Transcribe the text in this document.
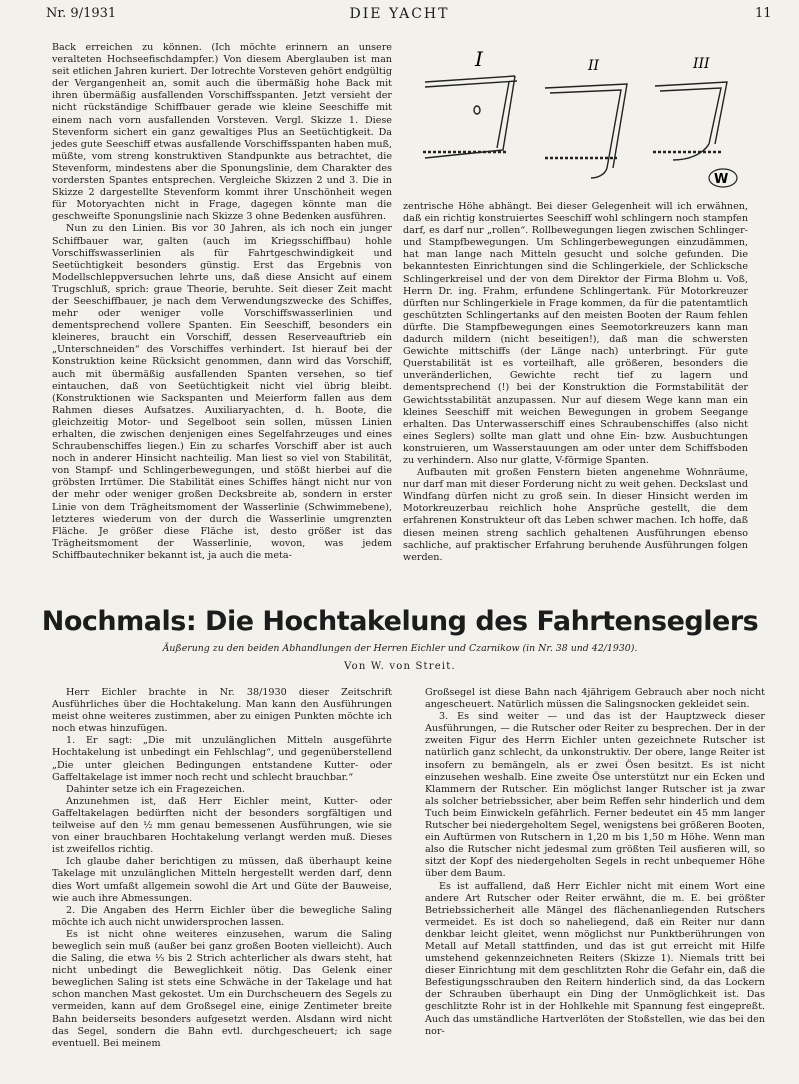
Nr. 9/1931	DIE YACHT	11

Back erreichen zu können. (Ich möchte erinnern an unsere veralteten Hochseefischdampfer.) Von diesem Aberglauben ist man seit etlichen Jahren kuriert. Der lotrechte Vorsteven gehört endgültig der Vergangenheit an, somit auch die übermäßig hohe Back mit ihren übermäßig ausfallenden Vorschiffsspanten. Jetzt versieht der nicht rückständige Schiffbauer gerade wie kleine Seeschiffe mit einem nach vorn ausfallenden Vorsteven. Vergl. Skizze 1. Diese Stevenform sichert ein ganz gewaltiges Plus an Seetüchtigkeit. Da jedes gute Seeschiff etwas ausfallende Vorschiffsspanten haben muß, müßte, vom streng konstruktiven Standpunkte aus betrachtet, die Stevenform, mindestens aber die Sponungslinie, dem Charakter des vordersten Spantes entsprechen. Vergleiche Skizzen 2 und 3. Die in Skizze 2 dargestellte Stevenform kommt ihrer Unschönheit wegen für Motoryachten nicht in Frage, dagegen könnte man die geschweifte Sponungslinie nach Skizze 3 ohne Bedenken ausführen.

Nun zu den Linien. Bis vor 30 Jahren, als ich noch ein junger Schiffbauer war, galten (auch im Kriegsschiffbau) hohle Vorschiffswasserlinien als für Fahrtgeschwindigkeit und Seetüchtigkeit besonders günstig. Erst das Ergebnis von Modellschleppversuchen lehrte uns, daß diese Ansicht auf einem Trugschluß, sprich: graue Theorie, beruhte. Seit dieser Zeit macht der Seeschiffbauer, je nach dem Verwendungszwecke des Schiffes, mehr oder weniger volle Vorschiffswasserlinien und dementsprechend vollere Spanten. Ein Seeschiff, besonders ein kleineres, braucht ein Vorschiff, dessen Reserveauftrieb ein „Unterschneiden“ des Vorschiffes verhindert. Ist hierauf bei der Konstruktion keine Rücksicht genommen, dann wird das Vorschiff, auch mit übermäßig ausfallenden Spanten versehen, so tief eintauchen, daß von Seetüchtigkeit nicht viel übrig bleibt. (Konstruktionen wie Sackspanten und Meierform fallen aus dem Rahmen dieses Aufsatzes. Auxiliaryachten, d. h. Boote, die gleichzeitig Motor- und Segelboot sein sollen, müssen Linien erhalten, die zwischen denjenigen eines Segelfahrzeuges und eines Schraubenschiffes liegen.) Ein zu scharfes Vorschiff aber ist auch noch in anderer Hinsicht nachteilig. Man liest so viel von Stabilität, von Stampf- und Schlingerbewegungen, und stößt hierbei auf die gröbsten Irrtümer. Die Stabilität eines Schiffes hängt nicht nur von der mehr oder weniger großen Decksbreite ab, sondern in erster Linie von dem Trägheitsmoment der Wasserlinie (Schwimmebene), letzteres wiederum von der durch die Wasserlinie umgrenzten Fläche. Je größer diese Fläche ist, desto größer ist das Trägheitsmoment der Wasserlinie, wovon, was jedem Schiffbautechniker bekannt ist, ja auch die meta-

I	II	III
W

zentrische Höhe abhängt. Bei dieser Gelegenheit will ich erwähnen, daß ein richtig konstruiertes Seeschiff wohl schlingern noch stampfen darf, es darf nur „rollen“. Rollbewegungen liegen zwischen Schlinger- und Stampfbewegungen. Um Schlingerbewegungen einzudämmen, hat man lange nach Mitteln gesucht und solche gefunden. Die bekanntesten Einrichtungen sind die Schlingerkiele, der Schlicksche Schlingerkreisel und der von dem Direktor der Firma Blohm u. Voß, Herrn Dr. ing. Frahm, erfundene Schlingertank. Für Motorkreuzer dürften nur Schlingerkiele in Frage kommen, da für die patentamtlich geschützten Schlingertanks auf den meisten Booten der Raum fehlen dürfte. Die Stampfbewegungen eines Seemotorkreuzers kann man dadurch mildern (nicht beseitigen!), daß man die schwersten Gewichte mittschiffs (der Länge nach) unterbringt. Für gute Querstabilität ist es vorteilhaft, alle größeren, besonders die unveränderlichen, Gewichte recht tief zu lagern und dementsprechend (!) bei der Konstruktion die Formstabilität der Gewichtsstabilität anzupassen. Nur auf diesem Wege kann man ein kleines Seeschiff mit weichen Bewegungen in grobem Seegange erhalten. Das Unterwasserschiff eines Schraubenschiffes (also nicht eines Seglers) sollte man glatt und ohne Ein- bzw. Ausbuchtungen konstruieren, um Wasserstauungen am oder unter dem Schiffsboden zu verhindern. Also nur glatte, V-förmige Spanten.

Aufbauten mit großen Fenstern bieten angenehme Wohnräume, nur darf man mit dieser Forderung nicht zu weit gehen. Deckslast und Windfang dürfen nicht zu groß sein. In dieser Hinsicht werden im Motorkreuzerbau reichlich hohe Ansprüche gestellt, die dem erfahrenen Konstrukteur oft das Leben schwer machen. Ich hoffe, daß diesen meinen streng sachlich gehaltenen Ausführungen ebenso sachliche, auf praktischer Erfahrung beruhende Ausführungen folgen werden.

Nochmals: Die Hochtakelung des Fahrtenseglers
Äußerung zu den beiden Abhandlungen der Herren Eichler und Czarnikow (in Nr. 38 und 42/1930).
Von W. von Streit.

Herr Eichler brachte in Nr. 38/1930 dieser Zeitschrift Ausführliches über die Hochtakelung. Man kann den Ausführungen meist ohne weiteres zustimmen, aber zu einigen Punkten möchte ich noch etwas hinzufügen.

1. Er sagt: „Die mit unzulänglichen Mitteln ausgeführte Hochtakelung ist unbedingt ein Fehlschlag“, und gegenüberstellend „Die unter gleichen Bedingungen entstandene Kutter- oder Gaffeltakelage ist immer noch recht und schlecht brauchbar.“

Dahinter setze ich ein Fragezeichen.

Anzunehmen ist, daß Herr Eichler meint, Kutter- oder Gaffeltakelagen bedürften nicht der besonders sorgfältigen und teilweise auf den ½ mm genau bemessenen Ausführungen, wie sie von einer brauchbaren Hochtakelung verlangt werden muß. Dieses ist zweifellos richtig.

Ich glaube daher berichtigen zu müssen, daß überhaupt keine Takelage mit unzulänglichen Mitteln hergestellt werden darf, denn dies Wort umfaßt allgemein sowohl die Art und Güte der Bauweise, wie auch ihre Abmessungen.

2. Die Angaben des Herrn Eichler über die bewegliche Saling möchte ich auch nicht unwidersprochen lassen.

Es ist nicht ohne weiteres einzusehen, warum die Saling beweglich sein muß (außer bei ganz großen Booten vielleicht). Auch die Saling, die etwa ⅓ bis 2 Strich achterlicher als dwars steht, hat nicht unbedingt die Beweglichkeit nötig. Das Gelenk einer beweglichen Saling ist stets eine Schwäche in der Takelage und hat schon manchen Mast gekostet. Um ein Durchscheuern des Segels zu vermeiden, kann auf dem Großsegel eine, einige Zentimeter breite Bahn beiderseits besonders aufgesetzt werden. Alsdann wird nicht das Segel, sondern die Bahn evtl. durchgescheuert; ich sage eventuell. Bei meinem

Großsegel ist diese Bahn nach 4jährigem Gebrauch aber noch nicht angescheuert. Natürlich müssen die Salingsnocken gekleidet sein.

3. Es sind weiter — und das ist der Hauptzweck dieser Ausführungen, — die Rutscher oder Reiter zu besprechen. Der in der zweiten Figur des Herrn Eichler unten gezeichnete Rutscher ist natürlich ganz schlecht, da unkonstruktiv. Der obere, lange Reiter ist insofern zu bemängeln, als er zwei Ösen besitzt. Es ist nicht einzusehen weshalb. Eine zweite Öse unterstützt nur ein Ecken und Klammern der Rutscher. Ein möglichst langer Rutscher ist ja zwar als solcher betriebssicher, aber beim Reffen sehr hinderlich und dem Tuch beim Einwickeln gefährlich. Ferner bedeutet ein 45 mm langer Rutscher bei niedergeholtem Segel, wenigstens bei größeren Booten, ein Auftürmen von Rutschern in 1,20 m bis 1,50 m Höhe. Wenn man also die Rutscher nicht jedesmal zum größten Teil ausfieren will, so sitzt der Kopf des niedergeholten Segels in recht unbequemer Höhe über dem Baum.

Es ist auffallend, daß Herr Eichler nicht mit einem Wort eine andere Art Rutscher oder Reiter erwähnt, die m. E. bei größter Betriebssicherheit alle Mängel des flächenanliegenden Rutschers vermeidet. Es ist doch so naheliegend, daß ein Reiter nur dann denkbar leicht gleitet, wenn möglichst nur Punktberührungen von Metall auf Metall stattfinden, und das ist gut erreicht mit Hilfe umstehend gekennzeichneten Reiters (Skizze 1). Niemals tritt bei dieser Einrichtung mit dem geschlitzten Rohr die Gefahr ein, daß die Befestigungsschrauben den Reitern hinderlich sind, da das Lockern der Schrauben überhaupt ein Ding der Unmöglichkeit ist. Das geschlitzte Rohr ist in der Hohlkehle mit Spannung fest eingepreßt. Auch das umständliche Hartverlöten der Stoßstellen, wie das bei den nor-
